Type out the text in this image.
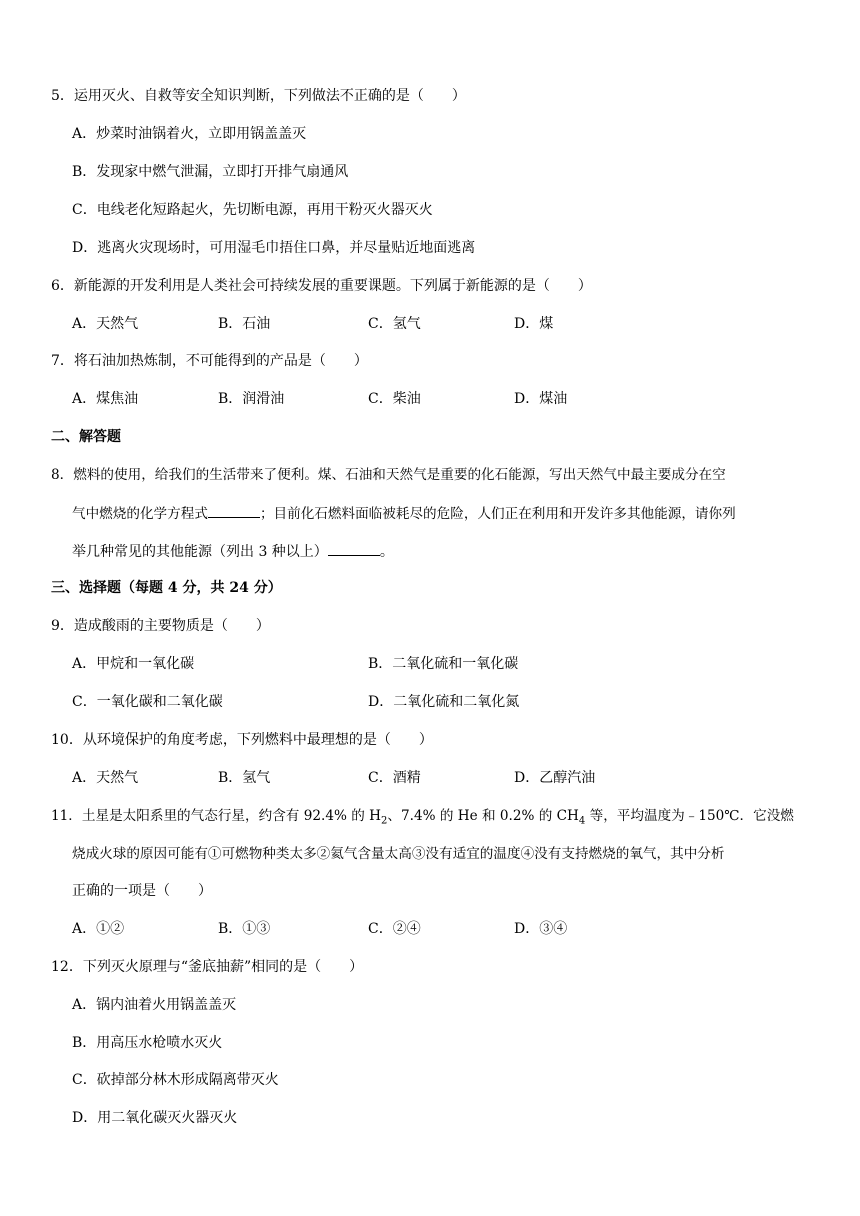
5．运用灭火、自救等安全知识判断，下列做法不正确的是（　　）
A．炒菜时油锅着火，立即用锅盖盖灭
B．发现家中燃气泄漏，立即打开排气扇通风
C．电线老化短路起火，先切断电源，再用干粉灭火器灭火
D．逃离火灾现场时，可用湿毛巾捂住口鼻，并尽量贴近地面逃离
6．新能源的开发利用是人类社会可持续发展的重要课题。下列属于新能源的是（　　）
A．天然气	B．石油	C．氢气	D．煤
7．将石油加热炼制，不可能得到的产品是（　　）
A．煤焦油	B．润滑油	C．柴油	D．煤油
二、解答题
8．燃料的使用，给我们的生活带来了便利。煤、石油和天然气是重要的化石能源，写出天然气中最主要成分在空
气中燃烧的化学方程式	；目前化石燃料面临被耗尽的危险，人们正在利用和开发许多其他能源，请你列
举几种常见的其他能源（列出 3 种以上）	。
三、选择题（每题 4 分，共 24 分）
9．造成酸雨的主要物质是（　　）
A．甲烷和一氧化碳	B．二氧化硫和一氧化碳
C．一氧化碳和二氧化碳	D．二氧化硫和二氧化氮
10．从环境保护的角度考虑，下列燃料中最理想的是（　　）
A．天然气	B．氢气	C．酒精	D．乙醇汽油
11．土星是太阳系里的气态行星，约含有 92.4% 的 $H_2$、7.4% 的 He 和 0.2% 的 $CH_4$ 等，平均温度为﹣150℃．它没燃
烧成火球的原因可能有①可燃物种类太多②氦气含量太高③没有适宜的温度④没有支持燃烧的氧气，其中分析
正确的一项是（　　）
A．①②	B．①③	C．②④	D．③④
12．下列灭火原理与“釜底抽薪”相同的是（　　）
A．锅内油着火用锅盖盖灭
B．用高压水枪喷水灭火
C．砍掉部分林木形成隔离带灭火
D．用二氧化碳灭火器灭火
